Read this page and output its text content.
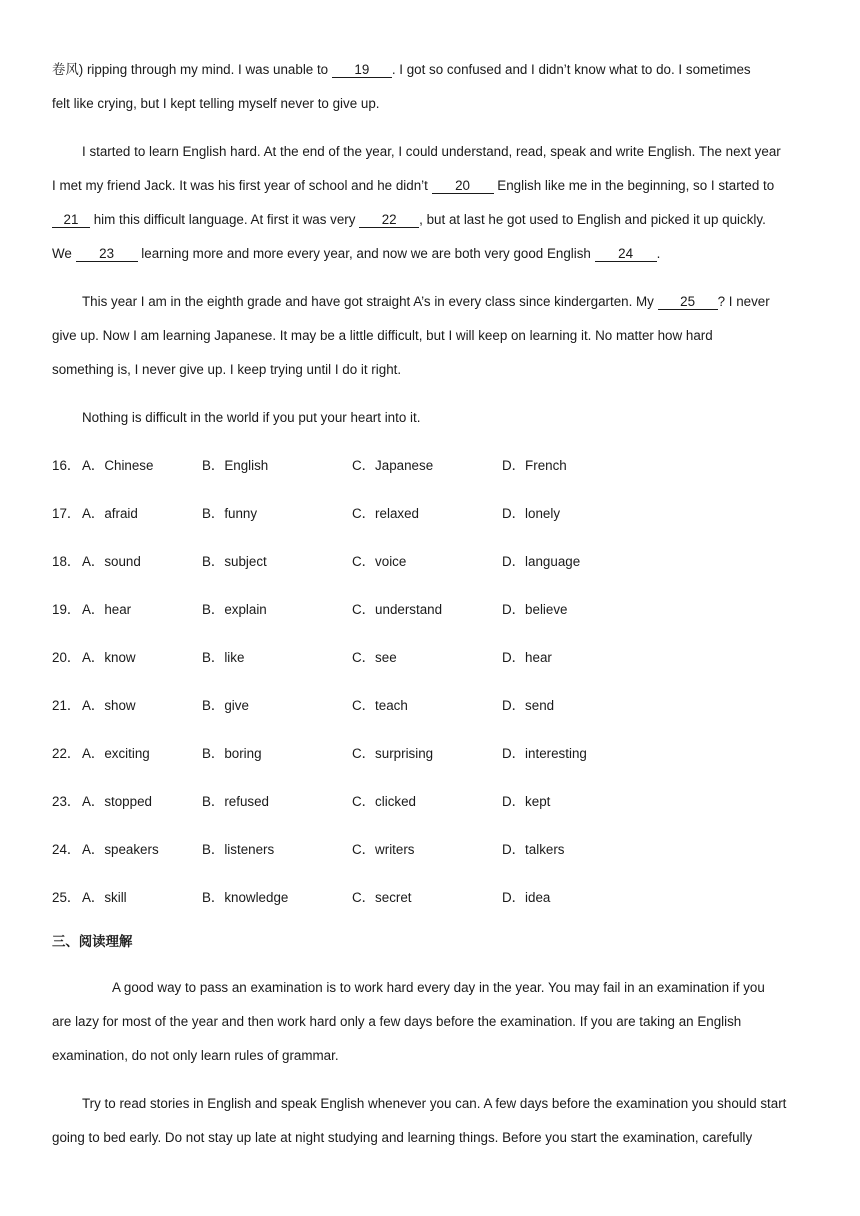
卷风) ripping through my mind. I was unable to 19 . I got so confused and I didn’t know what to do. I sometimes
felt like crying, but I kept telling myself never to give up.
I started to learn English hard. At the end of the year, I could understand, read, speak and write English. The next year
I met my friend Jack. It was his first year of school and he didn’t 20 English like me in the beginning, so I started to
21 him this difficult language. At first it was very 22 , but at last he got used to English and picked it up quickly.
We 23 learning more and more every year, and now we are both very good English 24 .
This year I am in the eighth grade and have got straight A’s in every class since kindergarten. My 25 ? I never
give up. Now I am learning Japanese. It may be a little difficult, but I will keep on learning it. No matter how hard
something is, I never give up. I keep trying until I do it right.
Nothing is difficult in the world if you put your heart into it.
16． A．Chinese	B．English	C．Japanese	D．French
17． A．afraid	B．funny	C．relaxed	D．lonely
18． A．sound	B．subject	C．voice	D．language
19． A．hear	B．explain	C．understand	D．believe
20． A．know	B．like	C．see	D．hear
21． A．show	B．give	C．teach	D．send
22． A．exciting	B．boring	C．surprising	D．interesting
23． A．stopped	B．refused	C．clicked	D．kept
24． A．speakers	B．listeners	C．writers	D．talkers
25． A．skill	B．knowledge	C．secret	D．idea
三、阅读理解
A good way to pass an examination is to work hard every day in the year. You may fail in an examination if you
are lazy for most of the year and then work hard only a few days before the examination. If you are taking an English
examination, do not only learn rules of grammar.
Try to read stories in English and speak English whenever you can. A few days before the examination you should start
going to bed early. Do not stay up late at night studying and learning things. Before you start the examination, carefully
